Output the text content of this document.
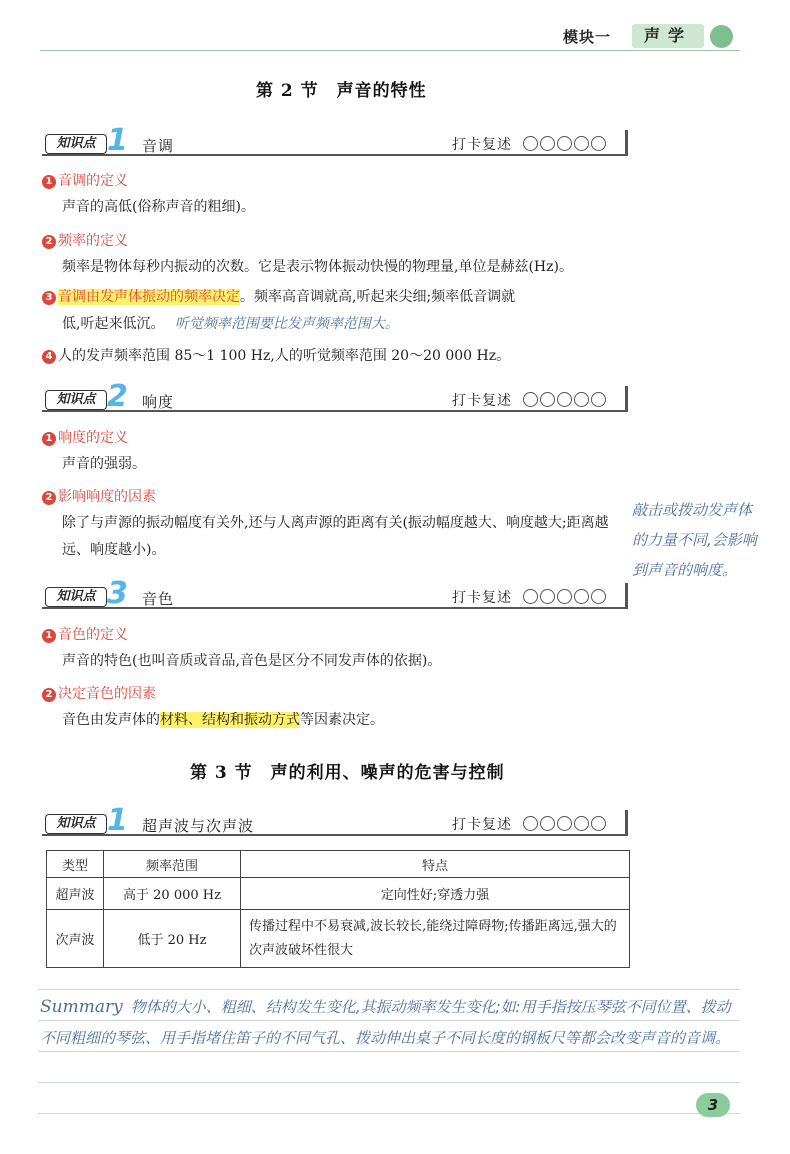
模块一	声学
第 2 节　声音的特性
知识点 1 音调	打卡复述
1 音调的定义
声音的高低(俗称声音的粗细)。
2 频率的定义
频率是物体每秒内振动的次数。它是表示物体振动快慢的物理量,单位是赫兹(Hz)。
3 音调由发声体振动的频率决定。频率高音调就高,听起来尖细;频率低音调就
低,听起来低沉。 听觉频率范围要比发声频率范围大。
4 人的发声频率范围 85～1 100 Hz,人的听觉频率范围 20～20 000 Hz。
知识点 2 响度	打卡复述
1 响度的定义
声音的强弱。
2 影响响度的因素
除了与声源的振动幅度有关外,还与人离声源的距离有关(振动幅度越大、响度越大;距离越远、响度越小)。
敲击或拨动发声体的力量不同,会影响到声音的响度。
知识点 3 音色	打卡复述
1 音色的定义
声音的特色(也叫音质或音品,音色是区分不同发声体的依据)。
2 决定音色的因素
音色由发声体的材料、结构和振动方式等因素决定。
第 3 节　声的利用、噪声的危害与控制
知识点 1 超声波与次声波	打卡复述
类型	频率范围	特点
超声波	高于 20 000 Hz	定向性好;穿透力强
次声波	低于 20 Hz	传播过程中不易衰减,波长较长,能绕过障碍物;传播距离远,强大的次声波破坏性很大
Summary 物体的大小、粗细、结构发生变化,其振动频率发生变化;如:用手指按压琴弦不同位置、拨动不同粗细的琴弦、用手指堵住笛子的不同气孔、拨动伸出桌子不同长度的钢板尺等都会改变声音的音调。
3
